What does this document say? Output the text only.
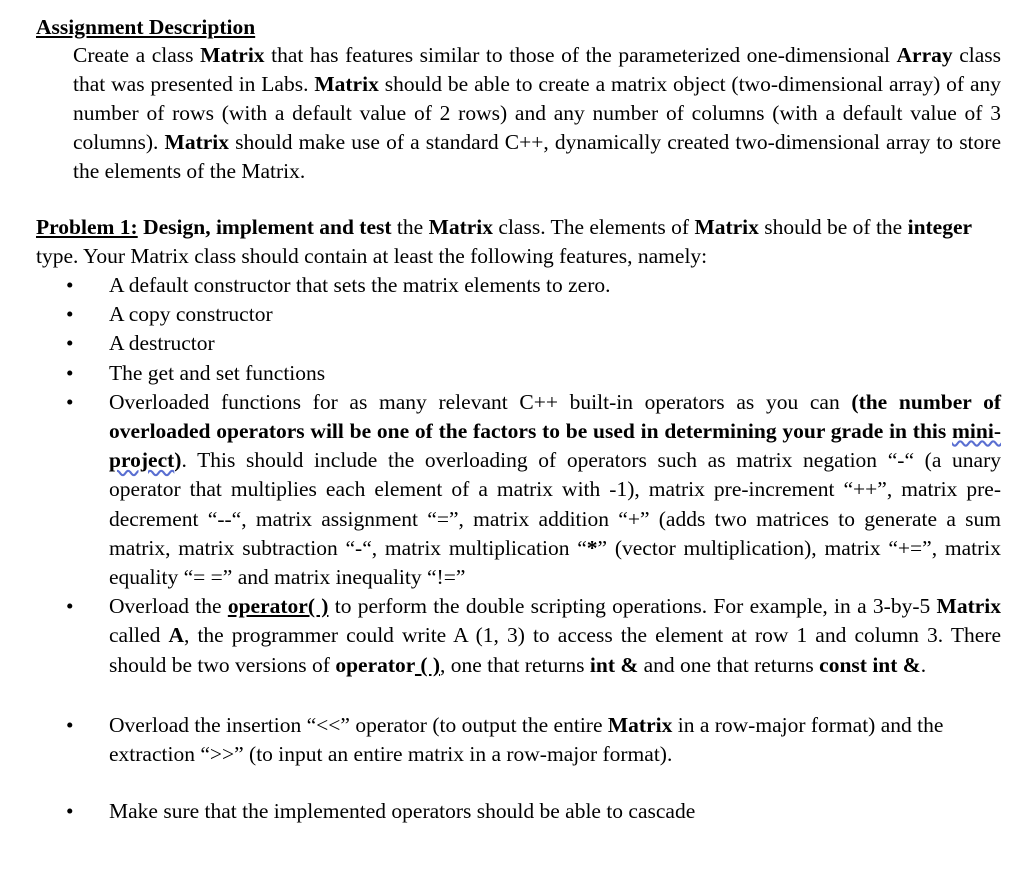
Assignment Description
Create a class Matrix that has features similar to those of the parameterized one-dimensional Array class that was presented in Labs. Matrix should be able to create a matrix object (two-dimensional array) of any number of rows (with a default value of 2 rows) and any number of columns (with a default value of 3 columns). Matrix should make use of a standard C++, dynamically created two-dimensional array to store the elements of the Matrix.
Problem 1: Design, implement and test the Matrix class. The elements of Matrix should be of the integer type. Your Matrix class should contain at least the following features, namely:
• A default constructor that sets the matrix elements to zero.
• A copy constructor
• A destructor
• The get and set functions
• Overloaded functions for as many relevant C++ built-in operators as you can (the number of overloaded operators will be one of the factors to be used in determining your grade in this mini-project). This should include the overloading of operators such as matrix negation “-“ (a unary operator that multiplies each element of a matrix with -1), matrix pre-increment “++”, matrix pre-decrement “--“, matrix assignment “=”, matrix addition “+” (adds two matrices to generate a sum matrix, matrix subtraction “-“, matrix multiplication “*” (vector multiplication), matrix “+=”, matrix equality “= =” and matrix inequality “!=”
• Overload the operator( ) to perform the double scripting operations. For example, in a 3-by-5 Matrix called A, the programmer could write A (1, 3) to access the element at row 1 and column 3. There should be two versions of operator ( ), one that returns int & and one that returns const int &.
• Overload the insertion “<<” operator (to output the entire Matrix in a row-major format) and the extraction “>>” (to input an entire matrix in a row-major format).
• Make sure that the implemented operators should be able to cascade
